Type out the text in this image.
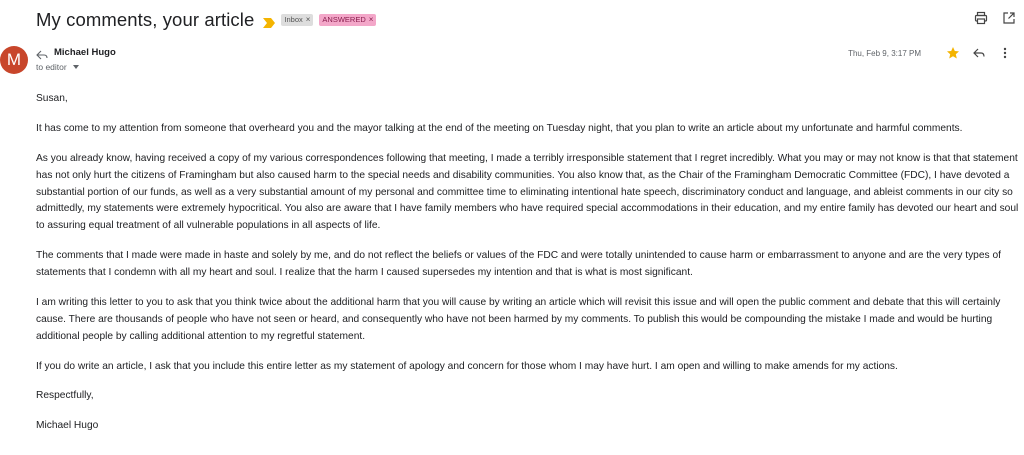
My comments, your article	Inbox × ANSWERED ×
M	Michael Hugo
to editor
Thu, Feb 9, 3:17 PM

Susan,

It has come to my attention from someone that overheard you and the mayor talking at the end of the meeting on Tuesday night, that you plan to write an article about my unfortunate and harmful comments.

As you already know, having received a copy of my various correspondences following that meeting, I made a terribly irresponsible statement that I regret incredibly. What you may or may not know is that that statement has not only hurt the citizens of Framingham but also caused harm to the special needs and disability communities. You also know that, as the Chair of the Framingham Democratic Committee (FDC), I have devoted a substantial portion of our funds, as well as a very substantial amount of my personal and committee time to eliminating intentional hate speech, discriminatory conduct and language, and ableist comments in our city so admittedly, my statements were extremely hypocritical. You also are aware that I have family members who have required special accommodations in their education, and my entire family has devoted our heart and soul to assuring equal treatment of all vulnerable populations in all aspects of life.

The comments that I made were made in haste and solely by me, and do not reflect the beliefs or values of the FDC and were totally unintended to cause harm or embarrassment to anyone and are the very types of statements that I condemn with all my heart and soul. I realize that the harm I caused supersedes my intention and that is what is most significant.

I am writing this letter to you to ask that you think twice about the additional harm that you will cause by writing an article which will revisit this issue and will open the public comment and debate that this will certainly cause. There are thousands of people who have not seen or heard, and consequently who have not been harmed by my comments. To publish this would be compounding the mistake I made and would be hurting additional people by calling additional attention to my regretful statement.

If you do write an article, I ask that you include this entire letter as my statement of apology and concern for those whom I may have hurt. I am open and willing to make amends for my actions.

Respectfully,

Michael Hugo
